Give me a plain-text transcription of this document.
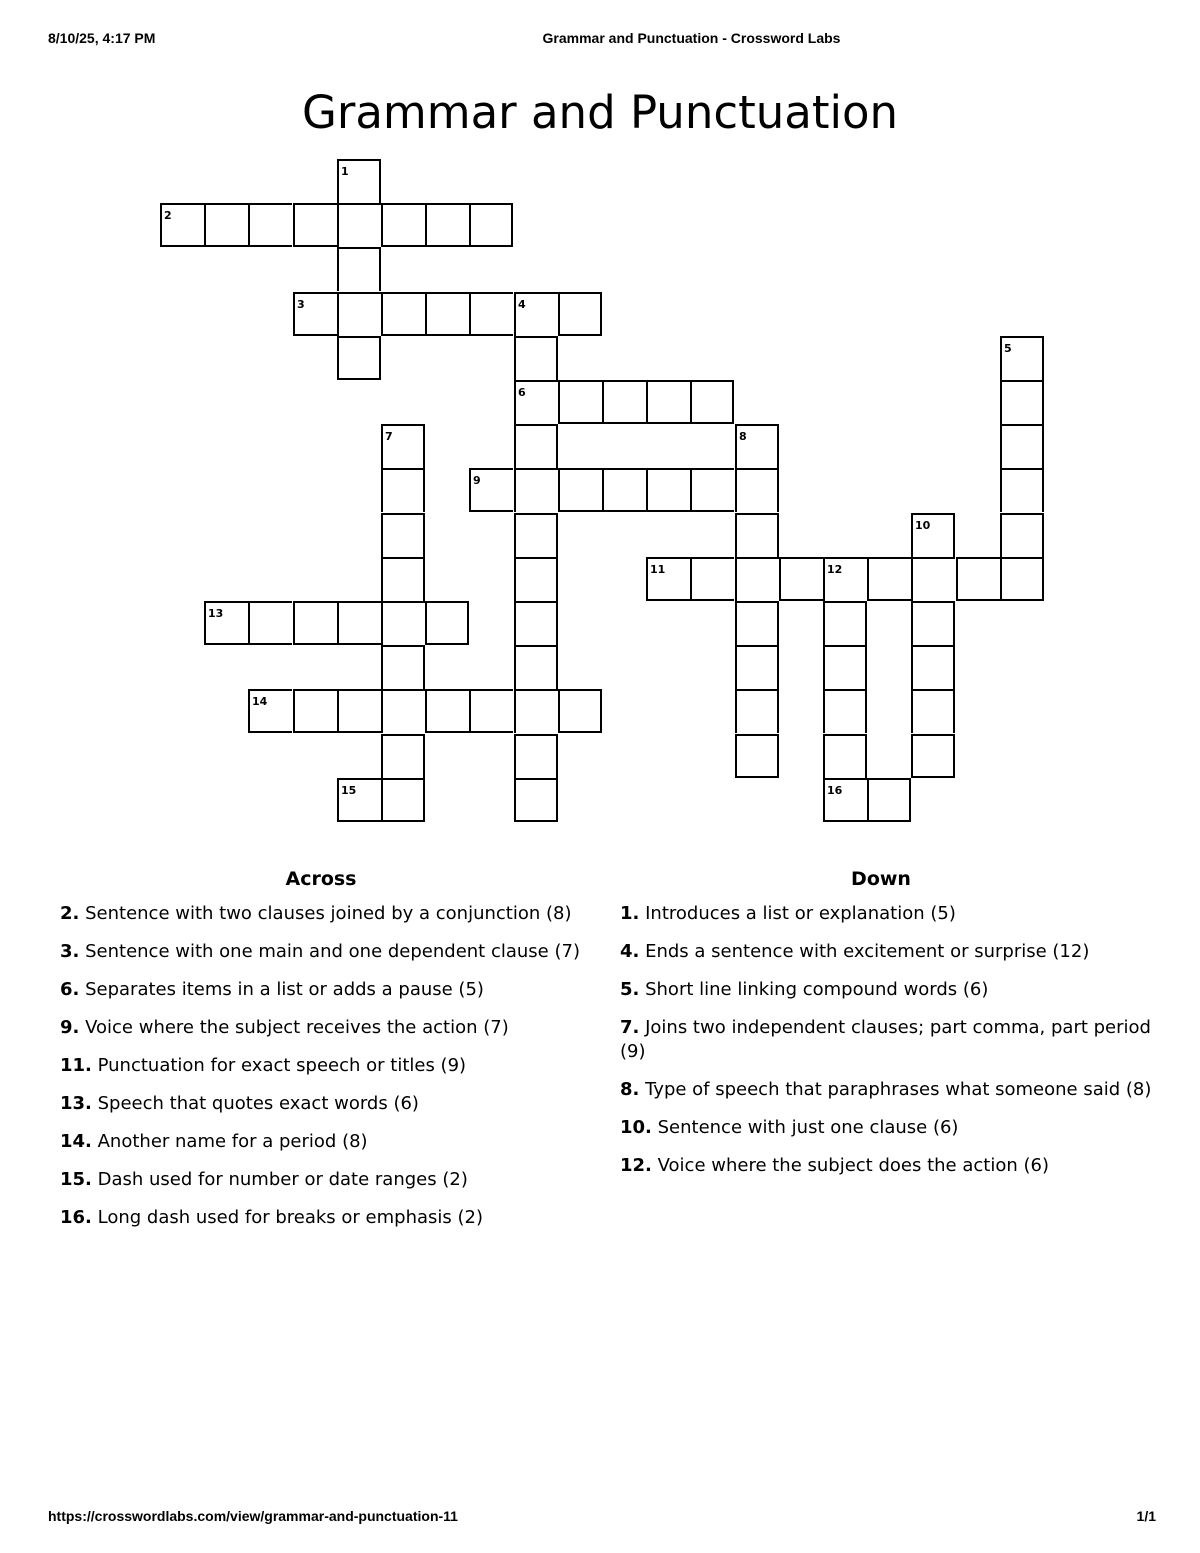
8/10/25, 4:17 PM	Grammar and Punctuation - Crossword Labs
Grammar and Punctuation
1
2
3	4
5
6
7	8
9
10
11	12
13
14
15	16
Across	Down
2. Sentence with two clauses joined by a conjunction (8)
3. Sentence with one main and one dependent clause (7)
6. Separates items in a list or adds a pause (5)
9. Voice where the subject receives the action (7)
11. Punctuation for exact speech or titles (9)
13. Speech that quotes exact words (6)
14. Another name for a period (8)
15. Dash used for number or date ranges (2)
16. Long dash used for breaks or emphasis (2)
1. Introduces a list or explanation (5)
4. Ends a sentence with excitement or surprise (12)
5. Short line linking compound words (6)
7. Joins two independent clauses; part comma, part period (9)
8. Type of speech that paraphrases what someone said (8)
10. Sentence with just one clause (6)
12. Voice where the subject does the action (6)
https://crosswordlabs.com/view/grammar-and-punctuation-11	1/1
